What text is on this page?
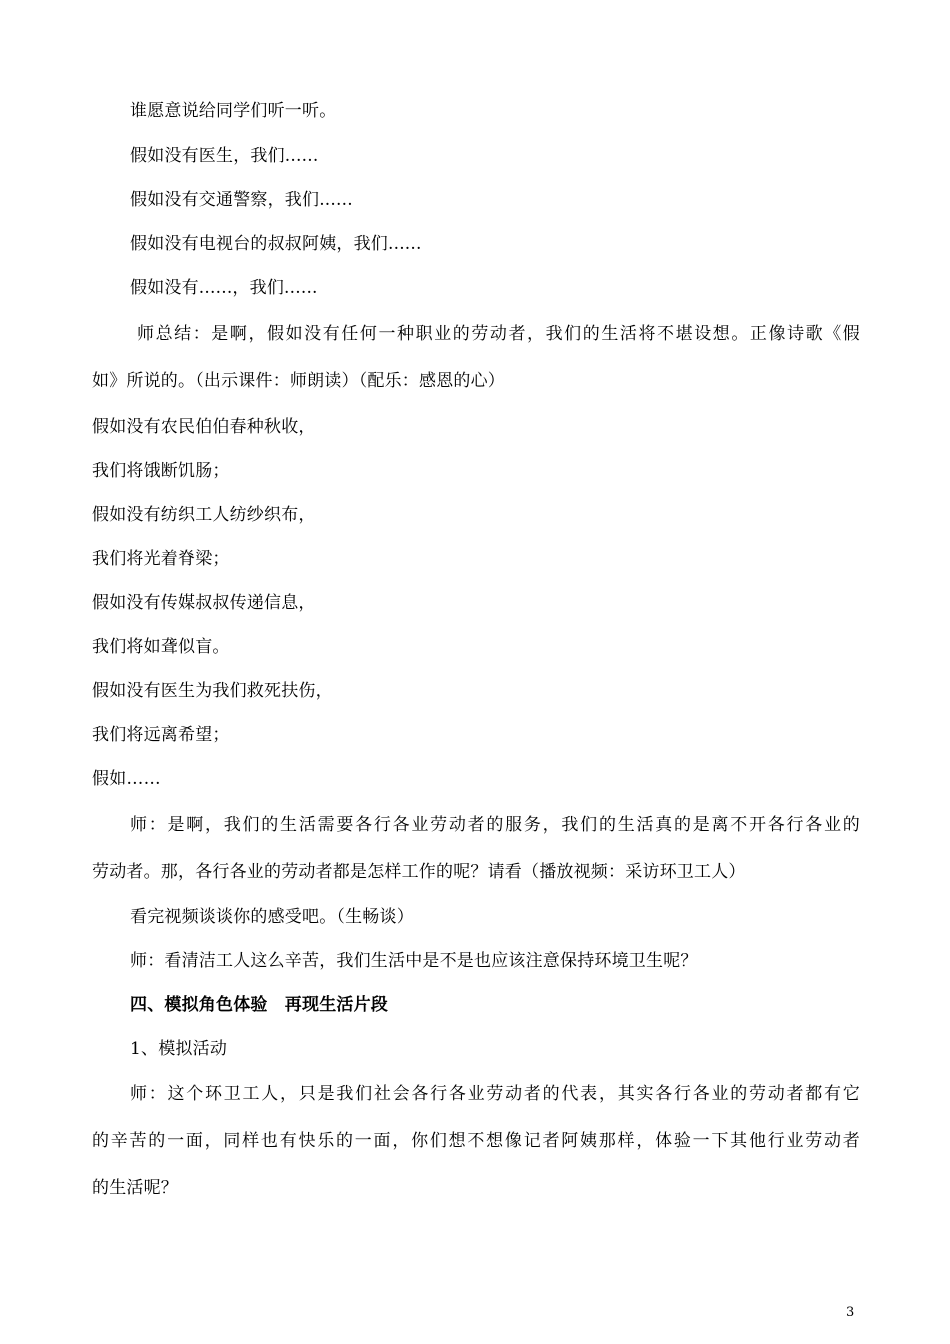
谁愿意说给同学们听一听。
假如没有医生，我们......
假如没有交通警察，我们......
假如没有电视台的叔叔阿姨，我们......
假如没有......，我们......
师总结：是啊，假如没有任何一种职业的劳动者，我们的生活将不堪设想。正像诗歌《假
如》所说的。（出示课件：师朗读）（配乐：感恩的心）
假如没有农民伯伯春种秋收，
我们将饿断饥肠；
假如没有纺织工人纺纱织布，
我们将光着脊梁；
假如没有传媒叔叔传递信息，
我们将如聋似盲。
假如没有医生为我们救死扶伤，
我们将远离希望；
假如……
师：是啊，我们的生活需要各行各业劳动者的服务，我们的生活真的是离不开各行各业的
劳动者。那，各行各业的劳动者都是怎样工作的呢？请看（播放视频：采访环卫工人）
看完视频谈谈你的感受吧。（生畅谈）
师：看清洁工人这么辛苦，我们生活中是不是也应该注意保持环境卫生呢？
四、模拟角色体验　再现生活片段
1、模拟活动
师：这个环卫工人，只是我们社会各行各业劳动者的代表，其实各行各业的劳动者都有它
的辛苦的一面，同样也有快乐的一面，你们想不想像记者阿姨那样，体验一下其他行业劳动者
的生活呢？
3
